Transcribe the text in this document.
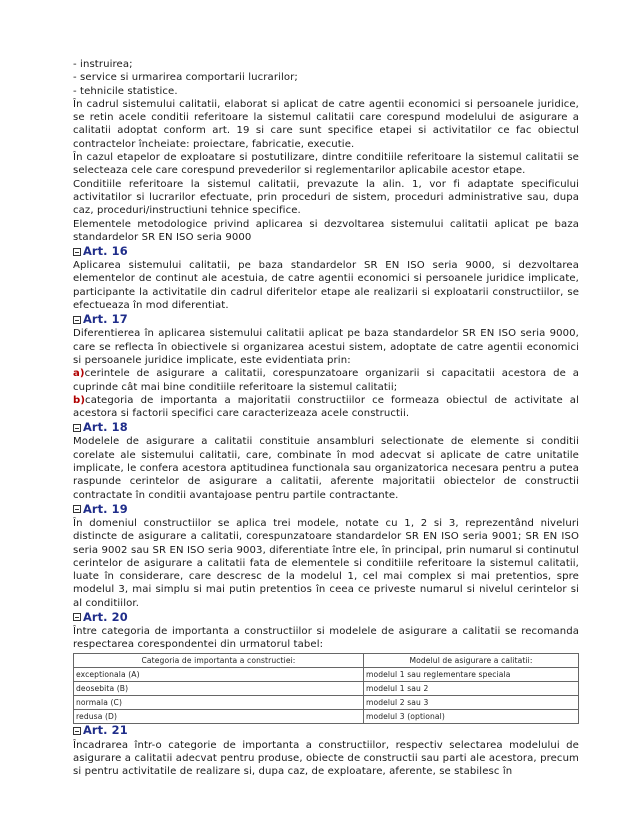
- instruirea;

- service si urmarirea comportarii lucrarilor;

- tehnicile statistice.

În cadrul sistemului calitatii, elaborat si aplicat de catre agentii economici si persoanele juridice, se retin acele conditii referitoare la sistemul calitatii care corespund modelului de asigurare a calitatii adoptat conform art. 19 si care sunt specifice etapei si activitatilor ce fac obiectul contractelor încheiate: proiectare, fabricatie, executie.

În cazul etapelor de exploatare si postutilizare, dintre conditiile referitoare la sistemul calitatii se selecteaza cele care corespund prevederilor si reglementarilor aplicabile acestor etape.

Conditiile referitoare la sistemul calitatii, prevazute la alin. 1, vor fi adaptate specificului activitatilor si lucrarilor efectuate, prin proceduri de sistem, proceduri administrative sau, dupa caz, proceduri/instructiuni tehnice specifice.

Elementele metodologice privind aplicarea si dezvoltarea sistemului calitatii aplicat pe baza standardelor SR EN ISO seria 9000

Art. 16

Aplicarea sistemului calitatii, pe baza standardelor SR EN ISO seria 9000, si dezvoltarea elementelor de continut ale acestuia, de catre agentii economici si persoanele juridice implicate, participante la activitatile din cadrul diferitelor etape ale realizarii si exploatarii constructiilor, se efectueaza în mod diferentiat.

Art. 17

Diferentierea în aplicarea sistemului calitatii aplicat pe baza standardelor SR EN ISO seria 9000, care se reflecta în obiectivele si organizarea acestui sistem, adoptate de catre agentii economici si persoanele juridice implicate, este evidentiata prin:

a)cerintele de asigurare a calitatii, corespunzatoare organizarii si capacitatii acestora de a cuprinde cât mai bine conditiile referitoare la sistemul calitatii;

b)categoria de importanta a majoritatii constructiilor ce formeaza obiectul de activitate al acestora si factorii specifici care caracterizeaza acele constructii.

Art. 18

Modelele de asigurare a calitatii constituie ansambluri selectionate de elemente si conditii corelate ale sistemului calitatii, care, combinate în mod adecvat si aplicate de catre unitatile implicate, le confera acestora aptitudinea functionala sau organizatorica necesara pentru a putea raspunde cerintelor de asigurare a calitatii, aferente majoritatii obiectelor de constructii contractate în conditii avantajoase pentru partile contractante.

Art. 19

În domeniul constructiilor se aplica trei modele, notate cu 1, 2 si 3, reprezentând niveluri distincte de asigurare a calitatii, corespunzatoare standardelor SR EN ISO seria 9001; SR EN ISO seria 9002 sau SR EN ISO seria 9003, diferentiate între ele, în principal, prin numarul si continutul cerintelor de asigurare a calitatii fata de elementele si conditiile referitoare la sistemul calitatii, luate în considerare, care descresc de la modelul 1, cel mai complex si mai pretentios, spre modelul 3, mai simplu si mai putin pretentios în ceea ce priveste numarul si nivelul cerintelor si al conditiilor.

Art. 20

Între categoria de importanta a constructiilor si modelele de asigurare a calitatii se recomanda respectarea corespondentei din urmatorul tabel:

Categoria de importanta a constructiei:	Modelul de asigurare a calitatii:
exceptionala (A)	modelul 1 sau reglementare speciala
deosebita (B)	modelul 1 sau 2
normala (C)	modelul 2 sau 3
redusa (D)	modelul 3 (optional)
Art. 21

Încadrarea într-o categorie de importanta a constructiilor, respectiv selectarea modelului de asigurare a calitatii adecvat pentru produse, obiecte de constructii sau parti ale acestora, precum si pentru activitatile de realizare si, dupa caz, de exploatare, aferente, se stabilesc în
